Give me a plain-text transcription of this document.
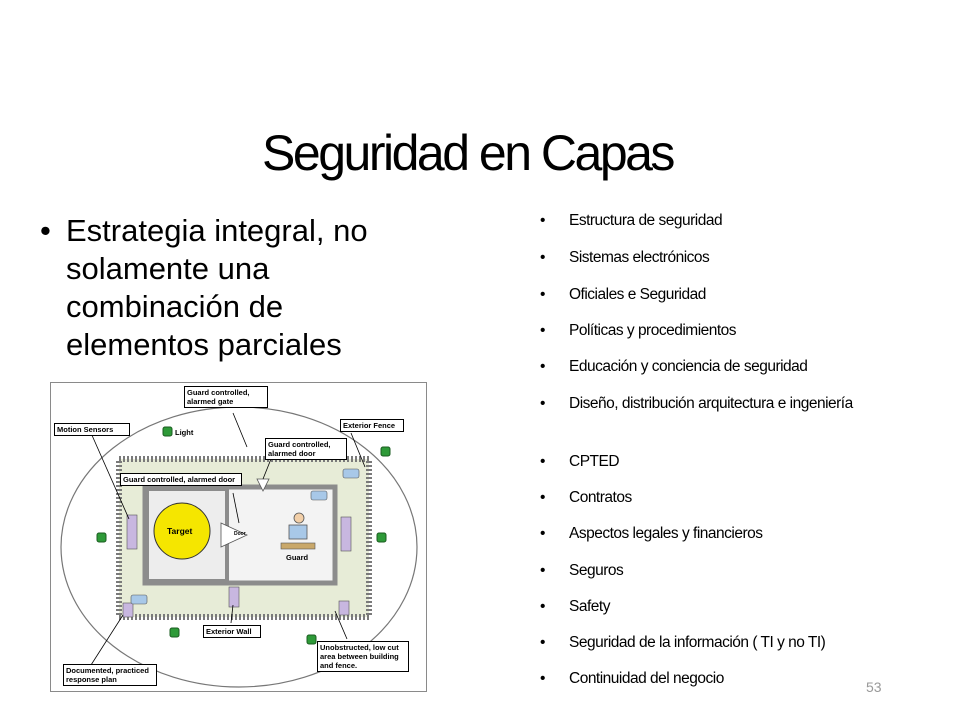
Seguridad en Capas
• Estrategia integral, no solamente una combinación de elementos parciales
• Estructura de seguridad
• Sistemas electrónicos
• Oficiales e Seguridad
• Políticas y procedimientos
• Educación y conciencia de seguridad
• Diseño, distribución arquitectura e ingeniería
• CPTED
• Contratos
• Aspectos legales y financieros
• Seguros
• Safety
• Seguridad de la información ( TI y no TI)
• Continuidad del negocio	53
Guard controlled, alarmed gate
Motion Sensors	Light
Exterior Fence
Guard controlled, alarmed door
Guard controlled, alarmed door
Target	Door
Guard
Exterior Wall
Documented, practiced response plan
Unobstructed, low cut area between building and fence.
